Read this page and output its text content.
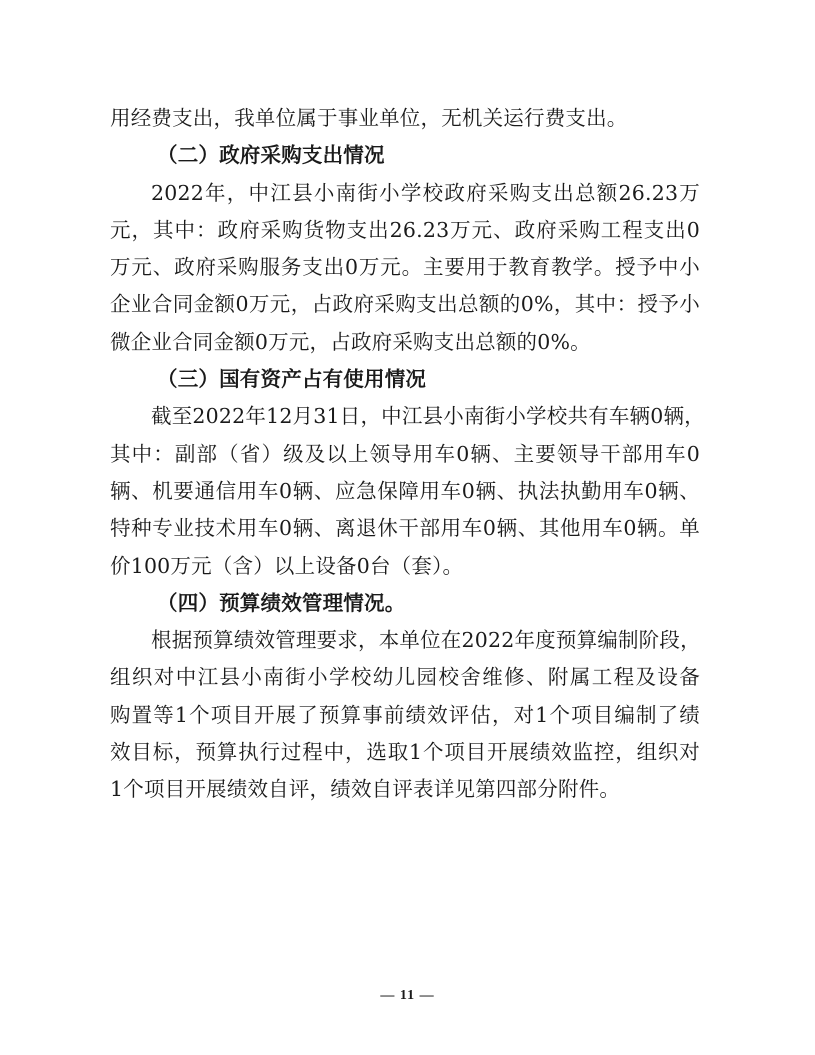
用经费支出，我单位属于事业单位，无机关运行费支出。
（二）政府采购支出情况
2022年，中江县小南街小学校政府采购支出总额26.23万
元，其中：政府采购货物支出26.23万元、政府采购工程支出0
万元、政府采购服务支出0万元。主要用于教育教学。授予中小
企业合同金额0万元，占政府采购支出总额的0%，其中：授予小
微企业合同金额0万元，占政府采购支出总额的0%。
（三）国有资产占有使用情况
截至2022年12月31日，中江县小南街小学校共有车辆0辆，
其中：副部（省）级及以上领导用车0辆、主要领导干部用车0
辆、机要通信用车0辆、应急保障用车0辆、执法执勤用车0辆、
特种专业技术用车0辆、离退休干部用车0辆、其他用车0辆。单
价100万元（含）以上设备0台（套）。
（四）预算绩效管理情况。
根据预算绩效管理要求，本单位在2022年度预算编制阶段，
组织对中江县小南街小学校幼儿园校舍维修、附属工程及设备
购置等1个项目开展了预算事前绩效评估，对1个项目编制了绩
效目标，预算执行过程中，选取1个项目开展绩效监控，组织对
1个项目开展绩效自评，绩效自评表详见第四部分附件。
— 11 —
